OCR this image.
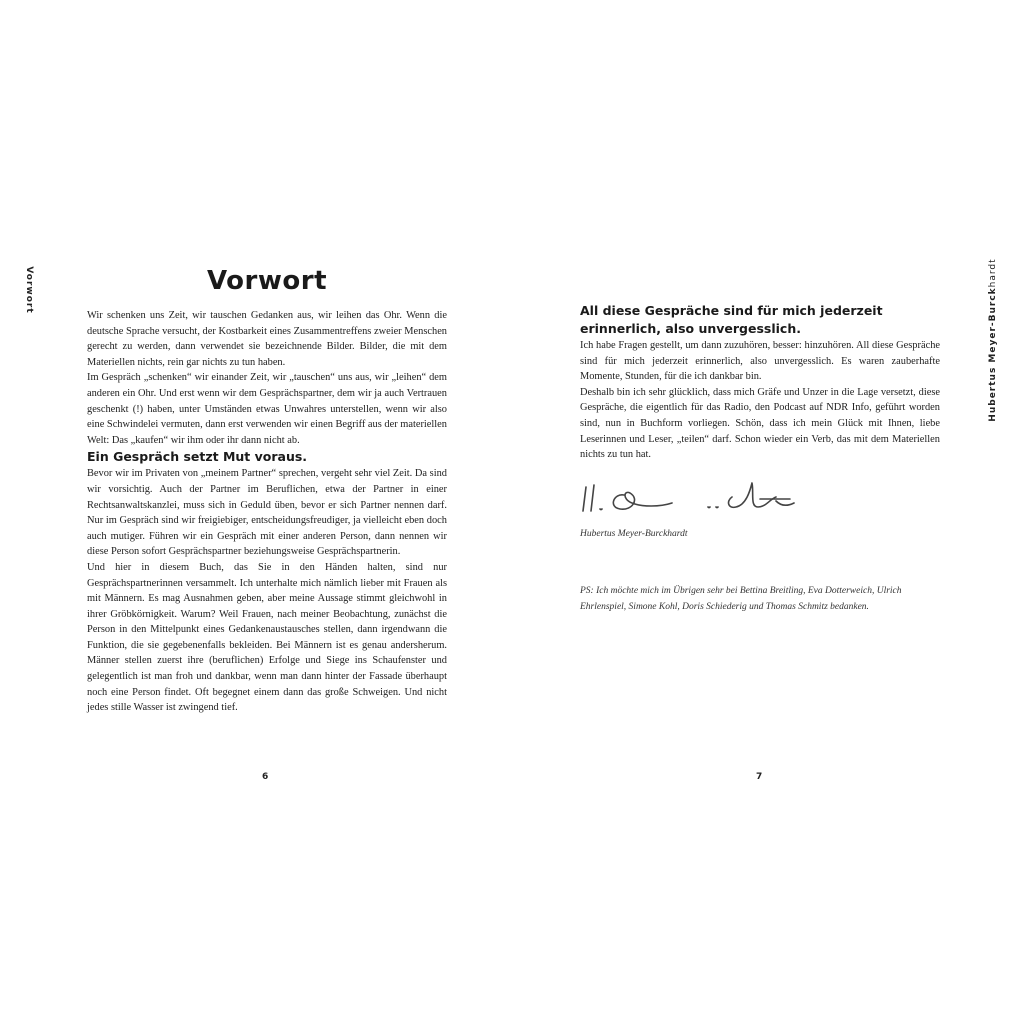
Vorwort	Hubertus Meyer-Burckhardt
Vorwort

Wir schenken uns Zeit, wir tauschen Gedanken aus, wir leihen das Ohr. Wenn die deutsche Sprache versucht, der Kostbarkeit eines Zusammentreffens zweier Menschen gerecht zu werden, dann verwendet sie bezeichnende Bilder. Bilder, die mit dem Materiellen nichts, rein gar nichts zu tun haben.

Im Gespräch „schenken“ wir einander Zeit, wir „tauschen“ uns aus, wir „leihen“ dem anderen ein Ohr. Und erst wenn wir dem Gesprächspartner, dem wir ja auch Vertrauen geschenkt (!) haben, unter Umständen etwas Unwahres unterstellen, wenn wir also eine Schwindelei vermuten, dann erst verwenden wir einen Begriff aus der materiellen Welt: Das „kaufen“ wir ihm oder ihr dann nicht ab.

Ein Gespräch setzt Mut voraus.

Bevor wir im Privaten von „meinem Partner“ sprechen, vergeht sehr viel Zeit. Da sind wir vorsichtig. Auch der Partner im Beruflichen, etwa der Partner in einer Rechtsanwaltskanzlei, muss sich in Geduld üben, bevor er sich Partner nennen darf. Nur im Gespräch sind wir freigiebiger, entscheidungsfreudiger, ja vielleicht eben doch auch mutiger. Führen wir ein Gespräch mit einer anderen Person, dann nennen wir diese Person sofort Gesprächspartner beziehungsweise Gesprächspartnerin.

Und hier in diesem Buch, das Sie in den Händen halten, sind nur Gesprächspartnerinnen versammelt. Ich unterhalte mich nämlich lieber mit Frauen als mit Männern. Es mag Ausnahmen geben, aber meine Aussage stimmt gleichwohl in ihrer Gröbkörnigkeit. Warum? Weil Frauen, nach meiner Beobachtung, zunächst die Person in den Mittelpunkt eines Gedankenaustausches stellen, dann irgendwann die Funktion, die sie gegebenenfalls bekleiden. Bei Männern ist es genau andersherum. Männer stellen zuerst ihre (beruflichen) Erfolge und Siege ins Schaufenster und gelegentlich ist man froh und dankbar, wenn man dann hinter der Fassade überhaupt noch eine Person findet. Oft begegnet einem dann das große Schweigen. Und nicht jedes stille Wasser ist zwingend tief.

6
All diese Gespräche sind für mich jederzeit erinnerlich, also unvergesslich.

Ich habe Fragen gestellt, um dann zuzuhören, besser: hinzuhören. All diese Gespräche sind für mich jederzeit erinnerlich, also unvergesslich. Es waren zauberhafte Momente, Stunden, für die ich dankbar bin.

Deshalb bin ich sehr glücklich, dass mich Gräfe und Unzer in die Lage versetzt, diese Gespräche, die eigentlich für das Radio, den Podcast auf NDR Info, geführt worden sind, nun in Buchform vorliegen. Schön, dass ich mein Glück mit Ihnen, liebe Leserinnen und Leser, „teilen“ darf. Schon wieder ein Verb, das mit dem Materiellen nichts zu tun hat.

Hubertus Meyer-Burckhardt
PS: Ich möchte mich im Übrigen sehr bei Bettina Breitling, Eva Dotterweich, Ulrich Ehrlenspiel, Simone Kohl, Doris Schiederig und Thomas Schmitz bedanken.
7
